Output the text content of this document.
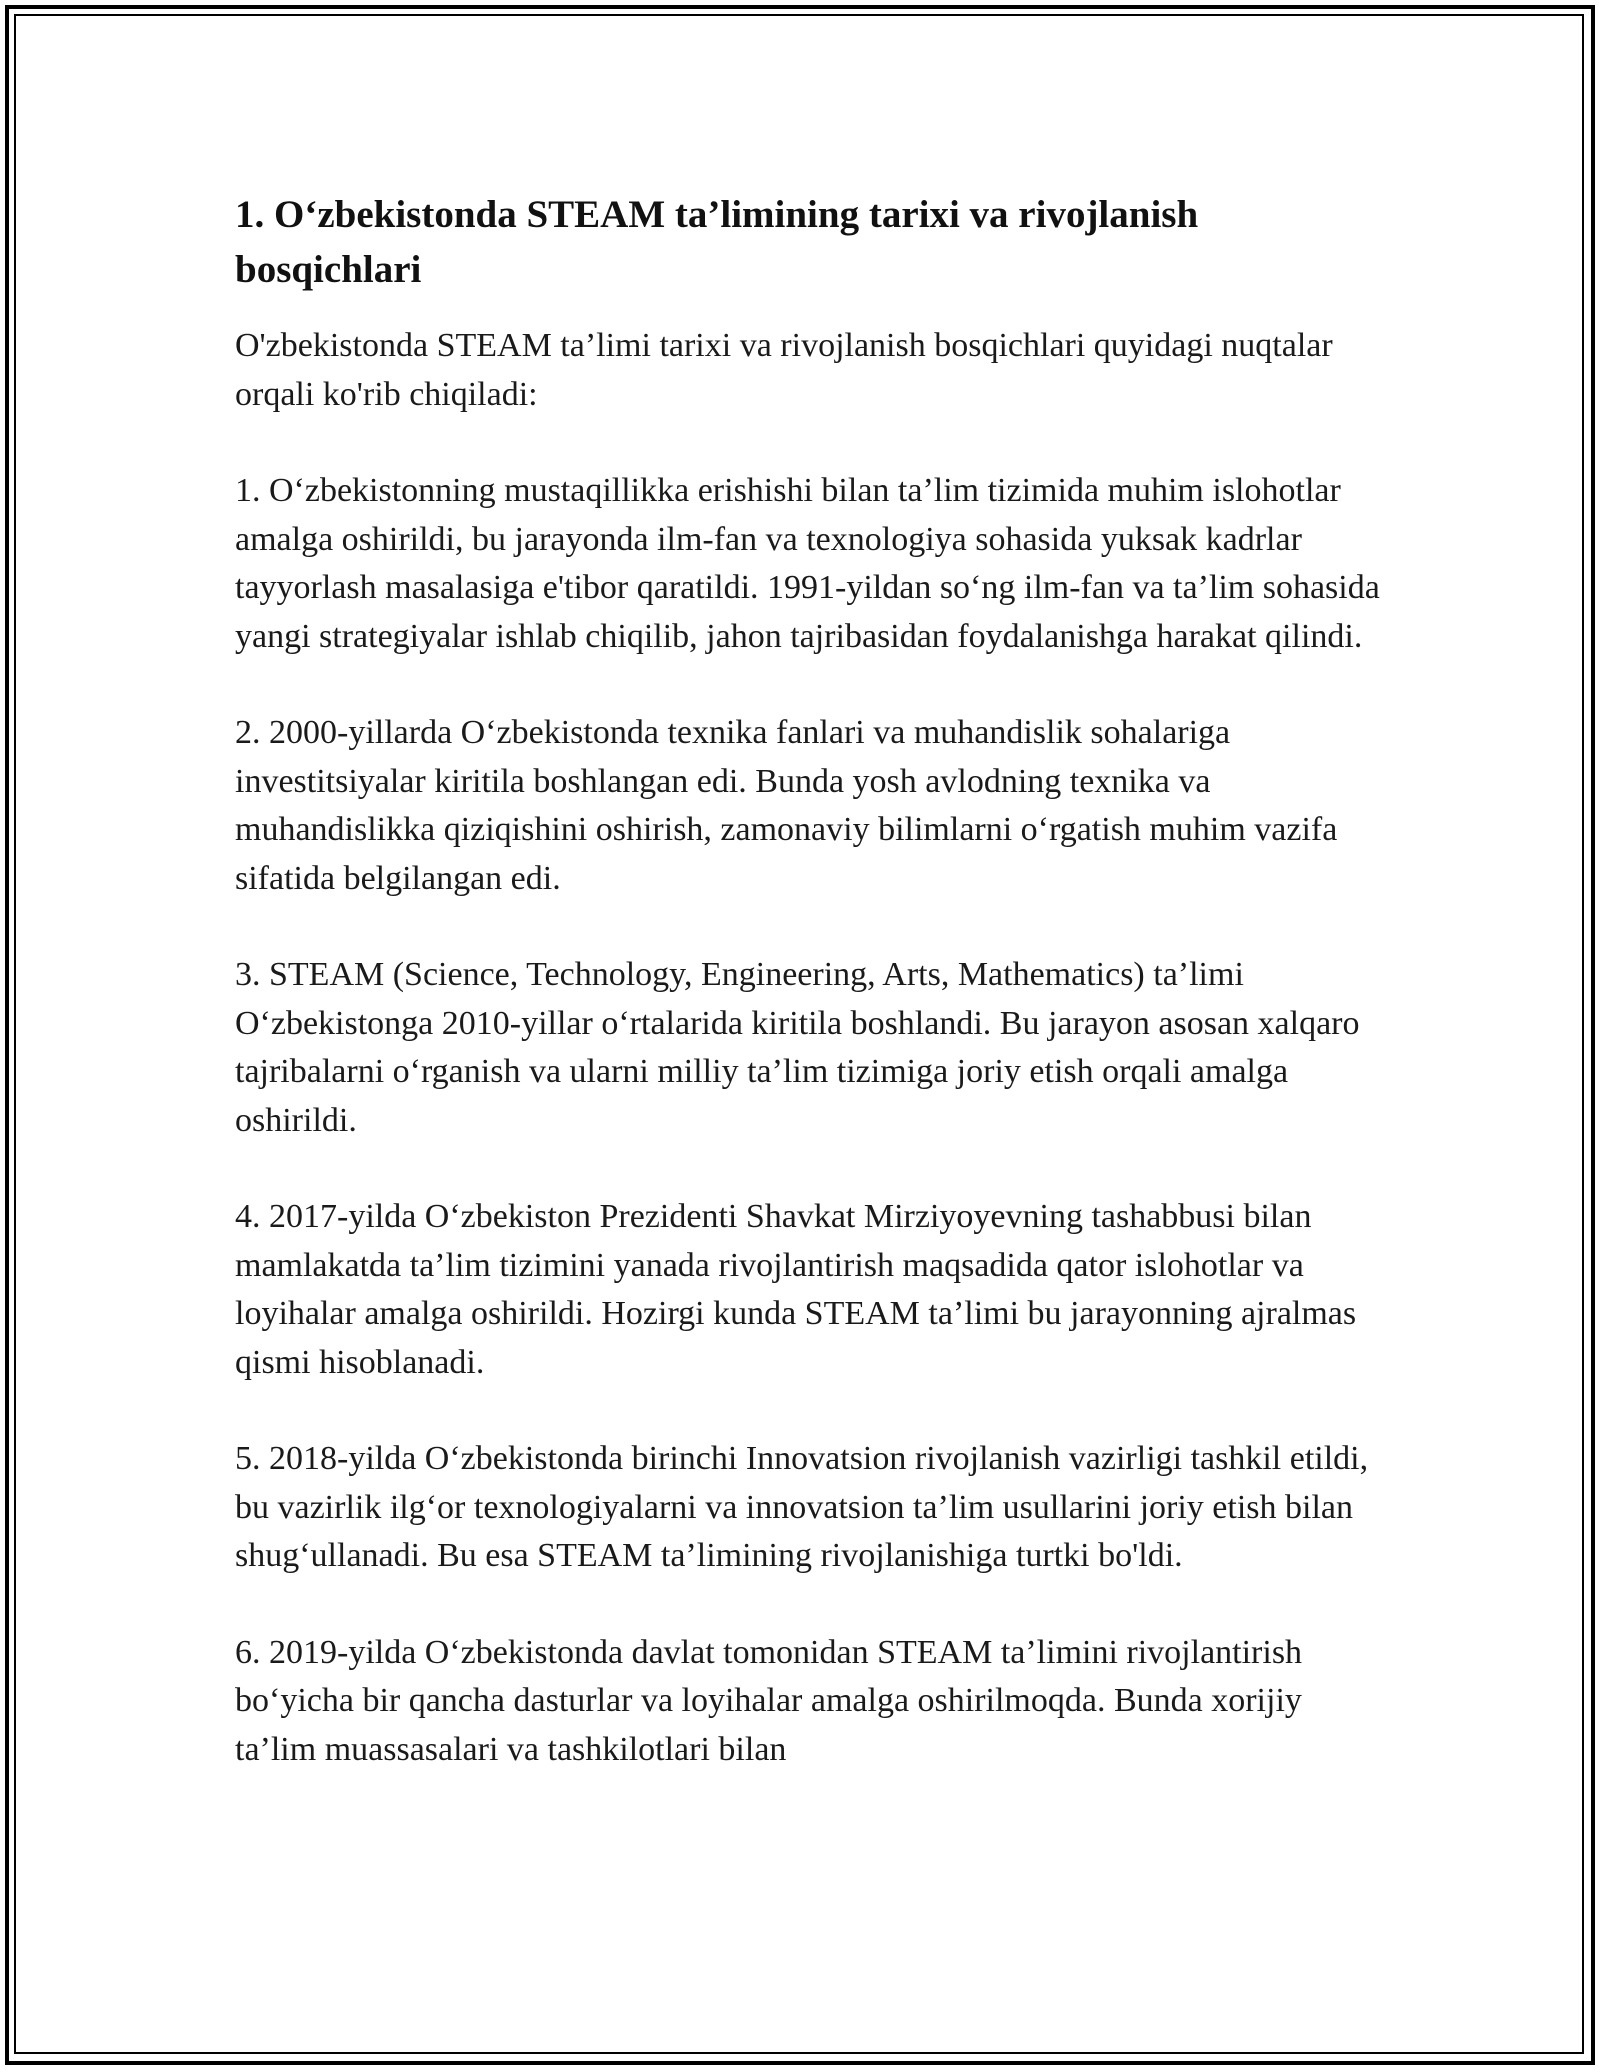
1. O‘zbekistonda STEAM ta’limining tarixi va rivojlanish bosqichlari

O'zbekistonda STEAM ta’limi tarixi va rivojlanish bosqichlari quyidagi nuqtalar orqali ko'rib chiqiladi:

1. O‘zbekistonning mustaqillikka erishishi bilan ta’lim tizimida muhim islohotlar amalga oshirildi, bu jarayonda ilm-fan va texnologiya sohasida yuksak kadrlar tayyorlash masalasiga e'tibor qaratildi. 1991-yildan so‘ng ilm-fan va ta’lim sohasida yangi strategiyalar ishlab chiqilib, jahon tajribasidan foydalanishga harakat qilindi.

2. 2000-yillarda O‘zbekistonda texnika fanlari va muhandislik sohalariga investitsiyalar kiritila boshlangan edi. Bunda yosh avlodning texnika va muhandislikka qiziqishini oshirish, zamonaviy bilimlarni o‘rgatish muhim vazifa sifatida belgilangan edi.

3. STEAM (Science, Technology, Engineering, Arts, Mathematics) ta’limi O‘zbekistonga 2010-yillar o‘rtalarida kiritila boshlandi. Bu jarayon asosan xalqaro tajribalarni o‘rganish va ularni milliy ta’lim tizimiga joriy etish orqali amalga oshirildi.

4. 2017-yilda O‘zbekiston Prezidenti Shavkat Mirziyoyevning tashabbusi bilan mamlakatda ta’lim tizimini yanada rivojlantirish maqsadida qator islohotlar va loyihalar amalga oshirildi. Hozirgi kunda STEAM ta’limi bu jarayonning ajralmas qismi hisoblanadi.

5. 2018-yilda O‘zbekistonda birinchi Innovatsion rivojlanish vazirligi tashkil etildi, bu vazirlik ilg‘or texnologiyalarni va innovatsion ta’lim usullarini joriy etish bilan shug‘ullanadi. Bu esa STEAM ta’limining rivojlanishiga turtki bo'ldi.

6. 2019-yilda O‘zbekistonda davlat tomonidan STEAM ta’limini rivojlantirish bo‘yicha bir qancha dasturlar va loyihalar amalga oshirilmoqda. Bunda xorijiy ta’lim muassasalari va tashkilotlari bilan
